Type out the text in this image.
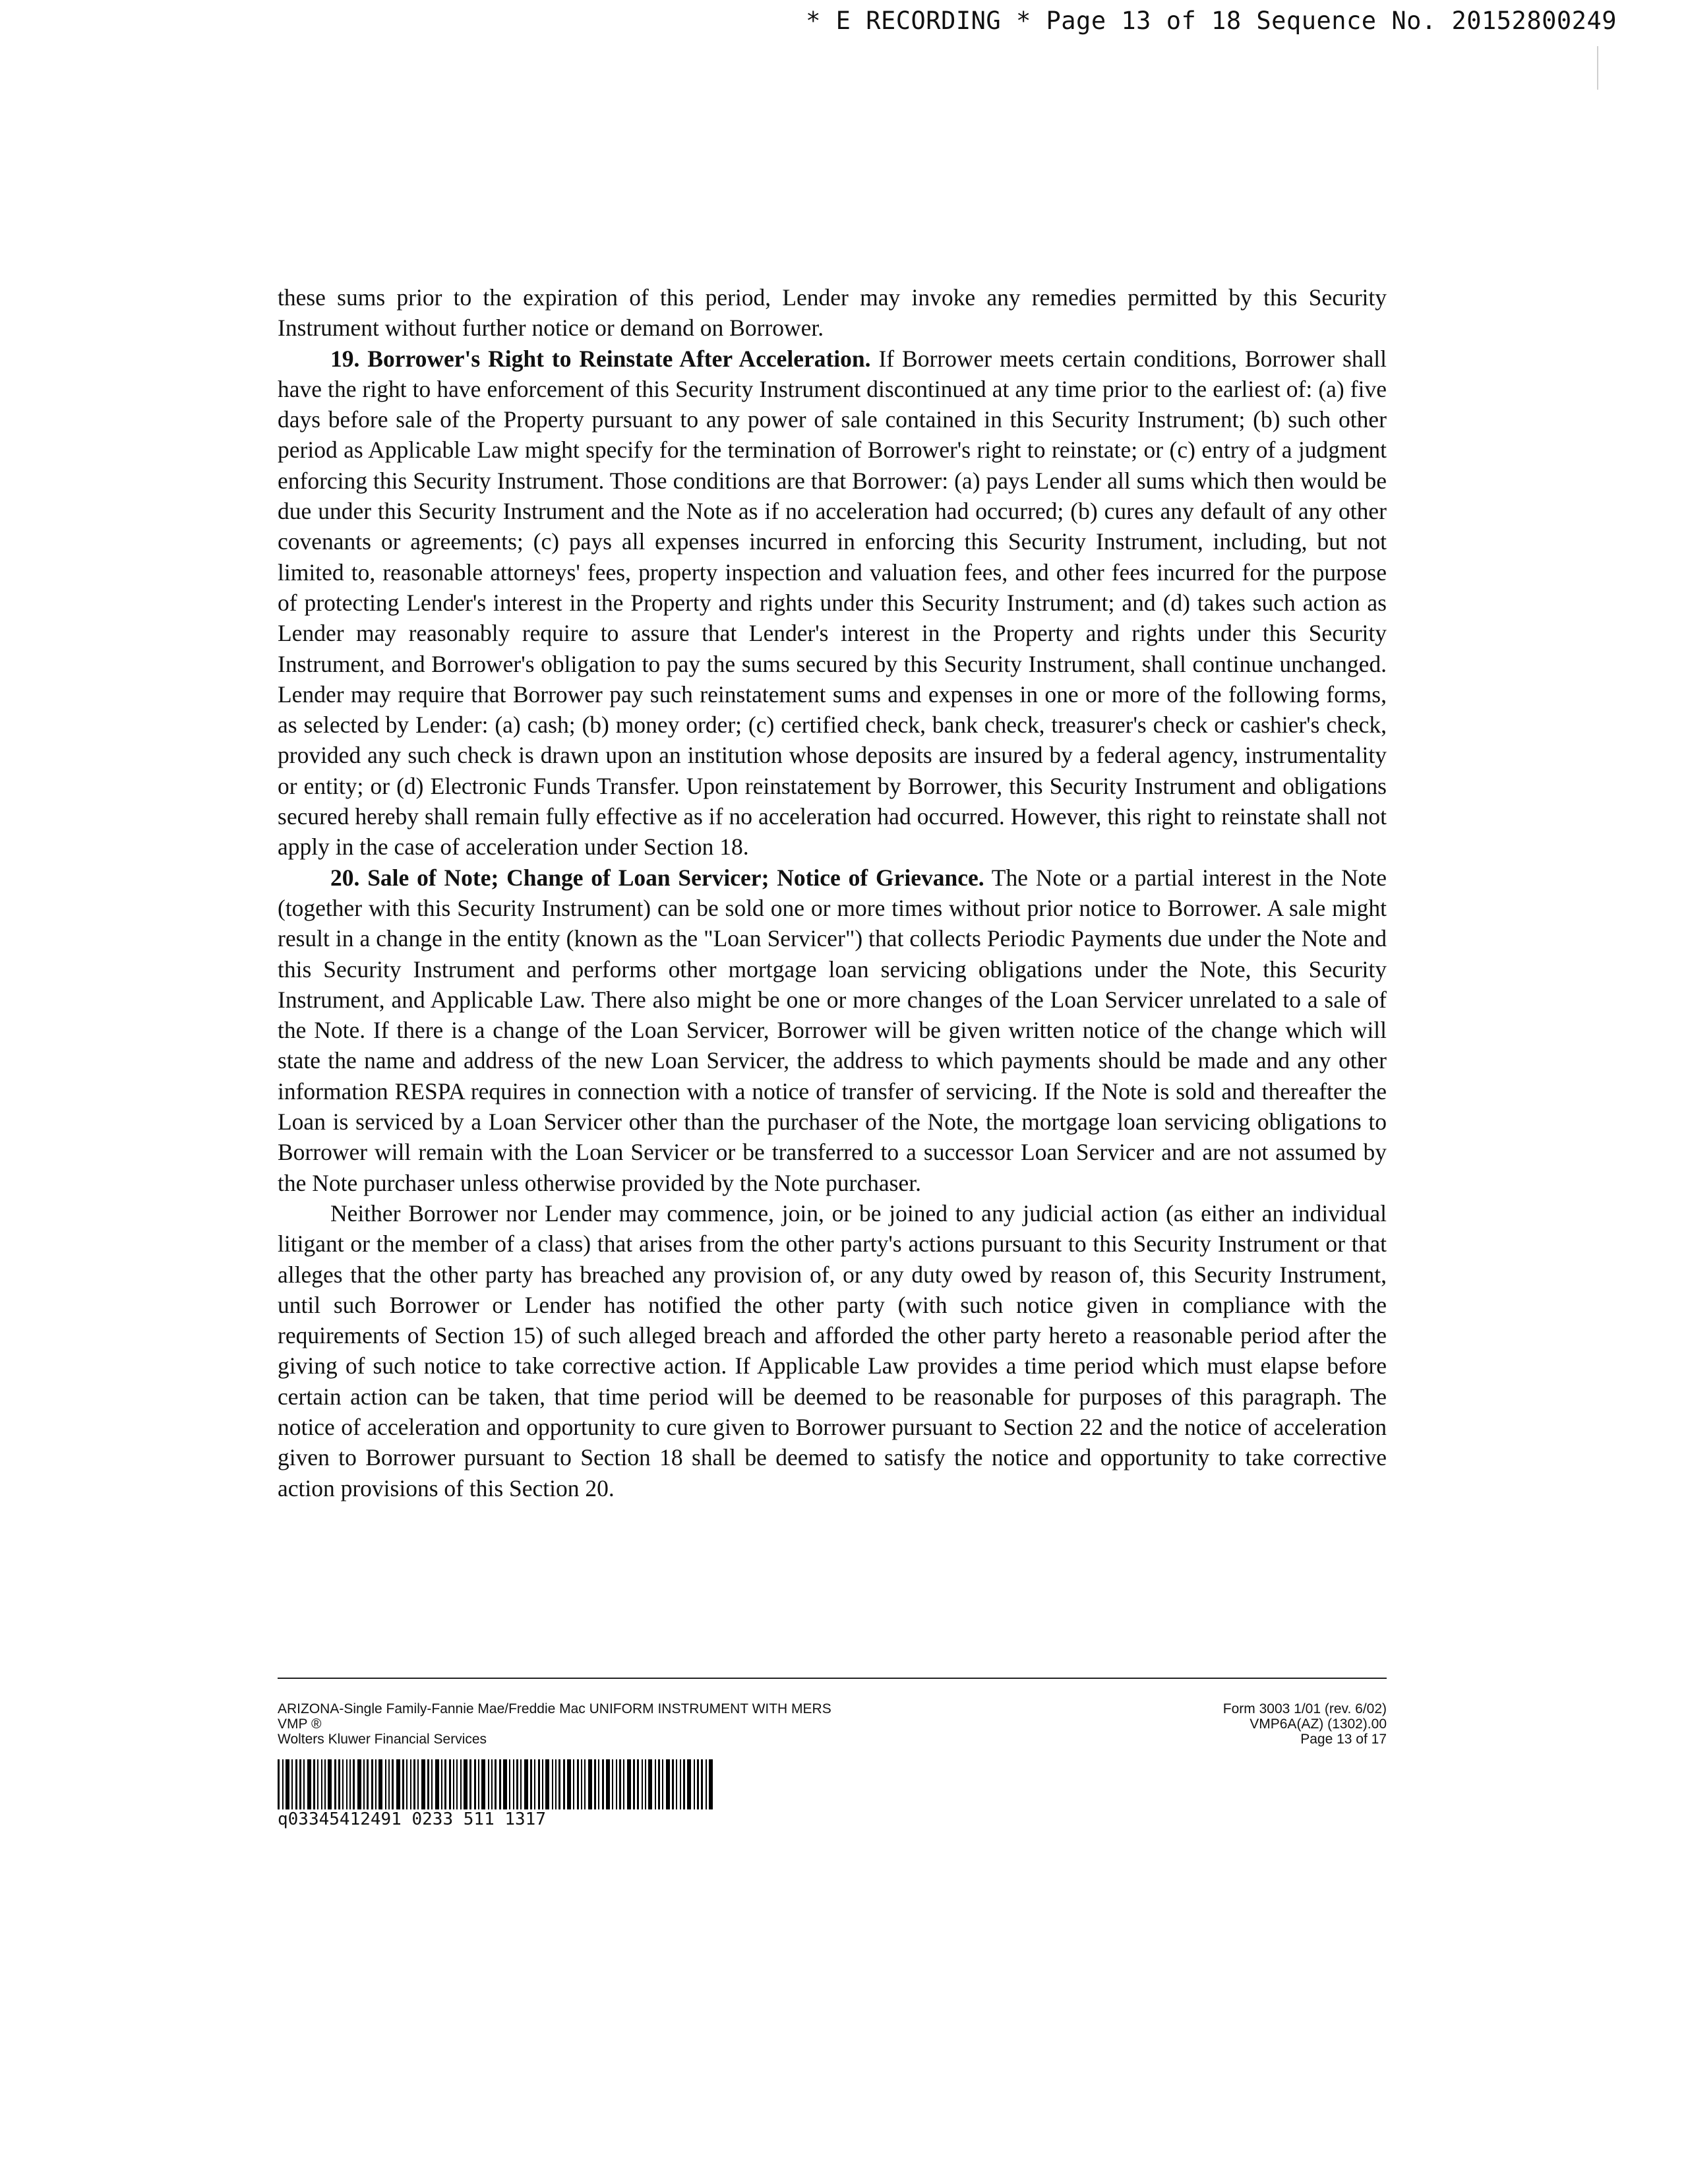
* E RECORDING * Page 13 of 18 Sequence No. 20152800249

these sums prior to the expiration of this period, Lender may invoke any remedies permitted by this Security Instrument without further notice or demand on Borrower.

19. Borrower's Right to Reinstate After Acceleration. If Borrower meets certain conditions, Borrower shall have the right to have enforcement of this Security Instrument discontinued at any time prior to the earliest of: (a) five days before sale of the Property pursuant to any power of sale contained in this Security Instrument; (b) such other period as Applicable Law might specify for the termination of Borrower's right to reinstate; or (c) entry of a judgment enforcing this Security Instrument. Those conditions are that Borrower: (a) pays Lender all sums which then would be due under this Security Instrument and the Note as if no acceleration had occurred; (b) cures any default of any other covenants or agreements; (c) pays all expenses incurred in enforcing this Security Instrument, including, but not limited to, reasonable attorneys' fees, property inspection and valuation fees, and other fees incurred for the purpose of protecting Lender's interest in the Property and rights under this Security Instrument; and (d) takes such action as Lender may reasonably require to assure that Lender's interest in the Property and rights under this Security Instrument, and Borrower's obligation to pay the sums secured by this Security Instrument, shall continue unchanged. Lender may require that Borrower pay such reinstatement sums and expenses in one or more of the following forms, as selected by Lender: (a) cash; (b) money order; (c) certified check, bank check, treasurer's check or cashier's check, provided any such check is drawn upon an institution whose deposits are insured by a federal agency, instrumentality or entity; or (d) Electronic Funds Transfer. Upon reinstatement by Borrower, this Security Instrument and obligations secured hereby shall remain fully effective as if no acceleration had occurred. However, this right to reinstate shall not apply in the case of acceleration under Section 18.

20. Sale of Note; Change of Loan Servicer; Notice of Grievance. The Note or a partial interest in the Note (together with this Security Instrument) can be sold one or more times without prior notice to Borrower. A sale might result in a change in the entity (known as the "Loan Servicer") that collects Periodic Payments due under the Note and this Security Instrument and performs other mortgage loan servicing obligations under the Note, this Security Instrument, and Applicable Law. There also might be one or more changes of the Loan Servicer unrelated to a sale of the Note. If there is a change of the Loan Servicer, Borrower will be given written notice of the change which will state the name and address of the new Loan Servicer, the address to which payments should be made and any other information RESPA requires in connection with a notice of transfer of servicing. If the Note is sold and thereafter the Loan is serviced by a Loan Servicer other than the purchaser of the Note, the mortgage loan servicing obligations to Borrower will remain with the Loan Servicer or be transferred to a successor Loan Servicer and are not assumed by the Note purchaser unless otherwise provided by the Note purchaser.

Neither Borrower nor Lender may commence, join, or be joined to any judicial action (as either an individual litigant or the member of a class) that arises from the other party's actions pursuant to this Security Instrument or that alleges that the other party has breached any provision of, or any duty owed by reason of, this Security Instrument, until such Borrower or Lender has notified the other party (with such notice given in compliance with the requirements of Section 15) of such alleged breach and afforded the other party hereto a reasonable period after the giving of such notice to take corrective action. If Applicable Law provides a time period which must elapse before certain action can be taken, that time period will be deemed to be reasonable for purposes of this paragraph. The notice of acceleration and opportunity to cure given to Borrower pursuant to Section 22 and the notice of acceleration given to Borrower pursuant to Section 18 shall be deemed to satisfy the notice and opportunity to take corrective action provisions of this Section 20.

ARIZONA-Single Family-Fannie Mae/Freddie Mac UNIFORM INSTRUMENT WITH MERS
VMP ®
Wolters Kluwer Financial Services
Form 3003 1/01 (rev. 6/02)
VMP6A(AZ) (1302).00
Page 13 of 17
q03345412491 0233 511 1317
